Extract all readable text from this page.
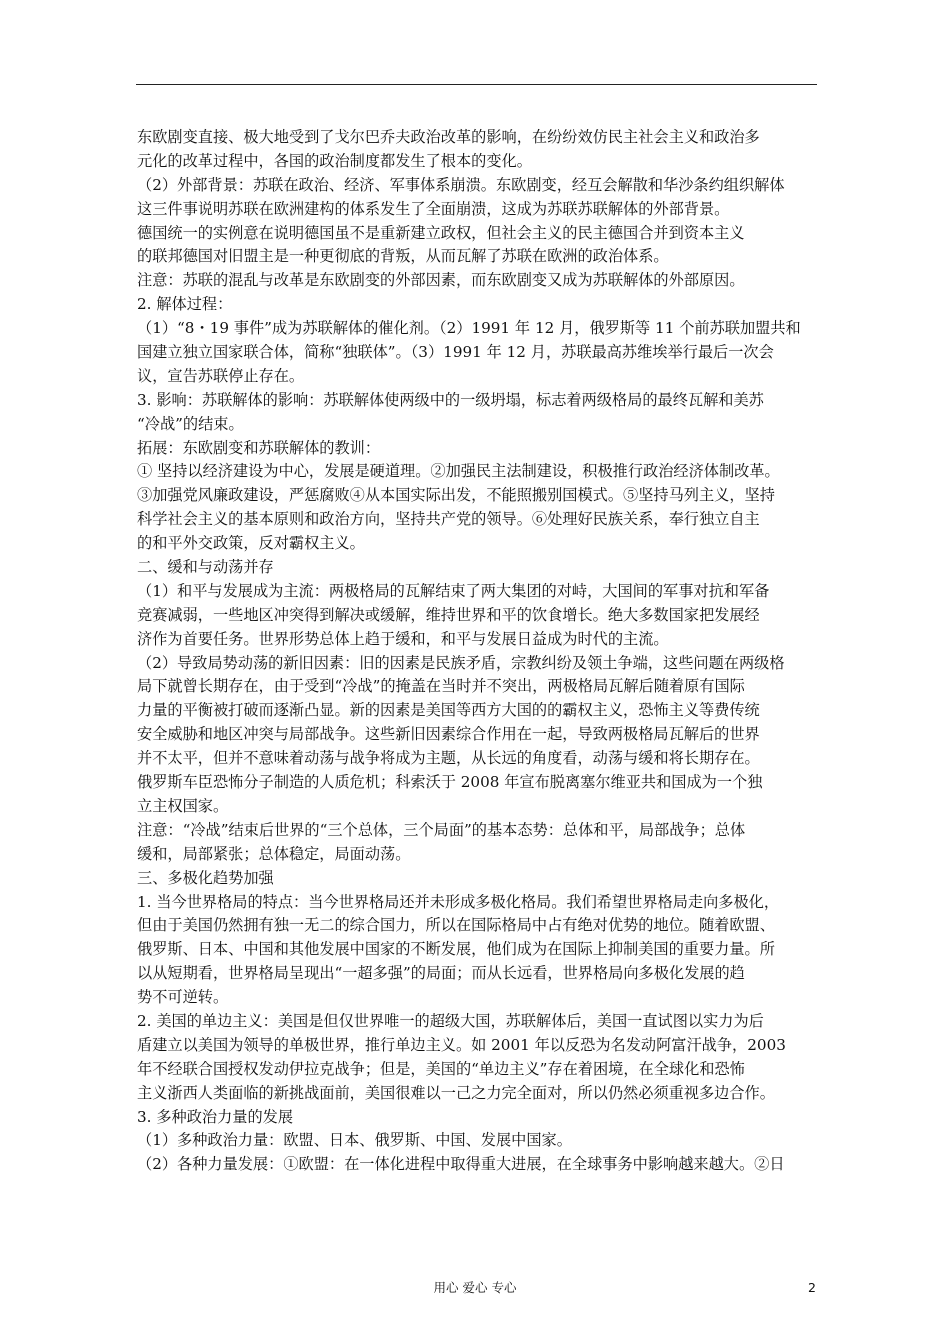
东欧剧变直接、极大地受到了戈尔巴乔夫政治改革的影响，在纷纷效仿民主社会主义和政治多
元化的改革过程中，各国的政治制度都发生了根本的变化。
（2）外部背景：苏联在政治、经济、军事体系崩溃。东欧剧变，经互会解散和华沙条约组织解体
这三件事说明苏联在欧洲建构的体系发生了全面崩溃，这成为苏联苏联解体的外部背景。
德国统一的实例意在说明德国虽不是重新建立政权，但社会主义的民主德国合并到资本主义
的联邦德国对旧盟主是一种更彻底的背叛，从而瓦解了苏联在欧洲的政治体系。
注意：苏联的混乱与改革是东欧剧变的外部因素，而东欧剧变又成为苏联解体的外部原因。
2. 解体过程：
（1）“8・19 事件”成为苏联解体的催化剂。（2）1991 年 12 月，俄罗斯等 11 个前苏联加盟共和
国建立独立国家联合体，简称“独联体”。（3）1991 年 12 月，苏联最高苏维埃举行最后一次会
议，宣告苏联停止存在。
3. 影响：苏联解体的影响：苏联解体使两级中的一级坍塌，标志着两级格局的最终瓦解和美苏
“冷战”的结束。
拓展：东欧剧变和苏联解体的教训：
① 坚持以经济建设为中心，发展是硬道理。②加强民主法制建设，积极推行政治经济体制改革。
③加强党风廉政建设，严惩腐败④从本国实际出发，不能照搬别国模式。⑤坚持马列主义，坚持
科学社会主义的基本原则和政治方向，坚持共产党的领导。⑥处理好民族关系，奉行独立自主
的和平外交政策，反对霸权主义。
二、缓和与动荡并存
（1）和平与发展成为主流：两极格局的瓦解结束了两大集团的对峙，大国间的军事对抗和军备
竞赛减弱，一些地区冲突得到解决或缓解，维持世界和平的饮食增长。绝大多数国家把发展经
济作为首要任务。世界形势总体上趋于缓和，和平与发展日益成为时代的主流。
（2）导致局势动荡的新旧因素：旧的因素是民族矛盾，宗教纠纷及领土争端，这些问题在两级格
局下就曾长期存在，由于受到“冷战”的掩盖在当时并不突出，两极格局瓦解后随着原有国际
力量的平衡被打破而逐渐凸显。新的因素是美国等西方大国的的霸权主义，恐怖主义等费传统
安全威胁和地区冲突与局部战争。这些新旧因素综合作用在一起，导致两极格局瓦解后的世界
并不太平，但并不意味着动荡与战争将成为主题，从长远的角度看，动荡与缓和将长期存在。
俄罗斯车臣恐怖分子制造的人质危机；科索沃于 2008 年宣布脱离塞尔维亚共和国成为一个独
立主权国家。
注意：“冷战”结束后世界的“三个总体，三个局面”的基本态势：总体和平，局部战争；总体
缓和，局部紧张；总体稳定，局面动荡。
三、多极化趋势加强
1. 当今世界格局的特点：当今世界格局还并未形成多极化格局。我们希望世界格局走向多极化，
但由于美国仍然拥有独一无二的综合国力，所以在国际格局中占有绝对优势的地位。随着欧盟、
俄罗斯、日本、中国和其他发展中国家的不断发展，他们成为在国际上抑制美国的重要力量。所
以从短期看，世界格局呈现出“一超多强”的局面；而从长远看，世界格局向多极化发展的趋
势不可逆转。
2. 美国的单边主义：美国是但仅世界唯一的超级大国，苏联解体后，美国一直试图以实力为后
盾建立以美国为领导的单极世界，推行单边主义。如 2001 年以反恐为名发动阿富汗战争，2003
年不经联合国授权发动伊拉克战争；但是，美国的“单边主义”存在着困境，在全球化和恐怖
主义浙西人类面临的新挑战面前，美国很难以一己之力完全面对，所以仍然必须重视多边合作。
3. 多种政治力量的发展
（1）多种政治力量：欧盟、日本、俄罗斯、中国、发展中国家。
（2）各种力量发展：①欧盟：在一体化进程中取得重大进展，在全球事务中影响越来越大。②日
用心 爱心 专心	2
